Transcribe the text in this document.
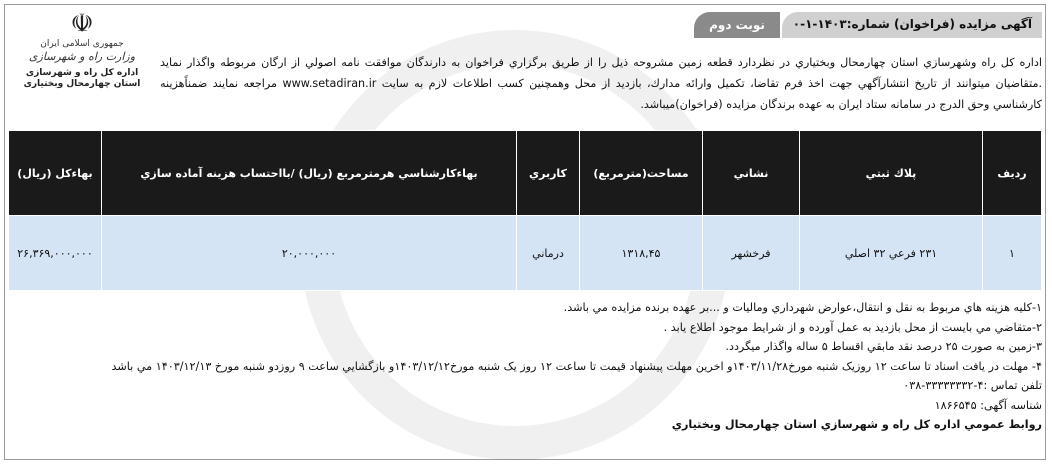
☫
جمهوری اسلامی ایران
وزارت راه و شهرسازی
اداره کل راه و شهرسازی
استان چهارمحال وبختیاری
آگهی مزایده (فراخوان) شماره:۱۴۰۳-۱-۰
نوبت دوم
اداره کل راه وشهرسازي استان چهارمحال وبختياري در نظردارد قطعه زمين مشروحه ذيل را از طريق برگزاري فراخوان به دارندگان موافقت نامه اصولي از ارگان مربوطه واگذار نمايد .متقاضيان ميتوانند از تاريخ انتشارآگهي جهت اخذ فرم تقاضا، تكميل وارائه مدارك، بازديد از محل وهمچنين كسب اطلاعات لازم به سايت www.setadiran.ir مراجعه نمايند ضمناًهزينه كارشناسي وحق الدرج در سامانه ستاد ايران به عهده برندگان مزايده (فراخوان)ميباشد.
رديف	پلاك ثبتي	نشاني	مساحت(مترمربع)	كاربري	بهاءكارشناسي هرمترمربع (ريال) /بااحتساب هزينه آماده سازي	بهاءكل (ريال)
۱	۲۳۱ فرعي ۳۲ اصلي	فرخشهر	۱۳۱۸,۴۵	درماني	۲۰,۰۰۰,۰۰۰	۲۶,۳۶۹,۰۰۰,۰۰۰
۱-كليه هزينه هاي مربوط به نقل و انتقال،عوارض شهرداري وماليات و ...بر عهده برنده مزايده مي باشد.
۲-متقاضي مي بايست از محل بازديد به عمل آورده و از شرايط موجود اطلاع يابد .
۳-زمين به صورت ۲۵ درصد نقد مابقي اقساط ۵ ساله واگذار ميگردد.
۴- مهلت در يافت اسناد تا ساعت ۱۲ روزيک شنبه مورخ۱۴۰۳/۱۱/۲۸و اخرين مهلت پيشنهاد قيمت تا ساعت ۱۲ روز يک شنبه مورخ۱۴۰۳/۱۲/۱۲و بازگشايي ساعت ۹ روزدو شنبه مورخ ۱۴۰۳/۱۲/۱۳ مي باشد
تلفن تماس :۴-۳۳۳۳۳۳۳۲-۰۳۸
شناسه آگهی: ۱۸۶۶۵۴۵
روابط عمومي اداره كل راه و شهرسازي استان چهارمحال وبختياري
